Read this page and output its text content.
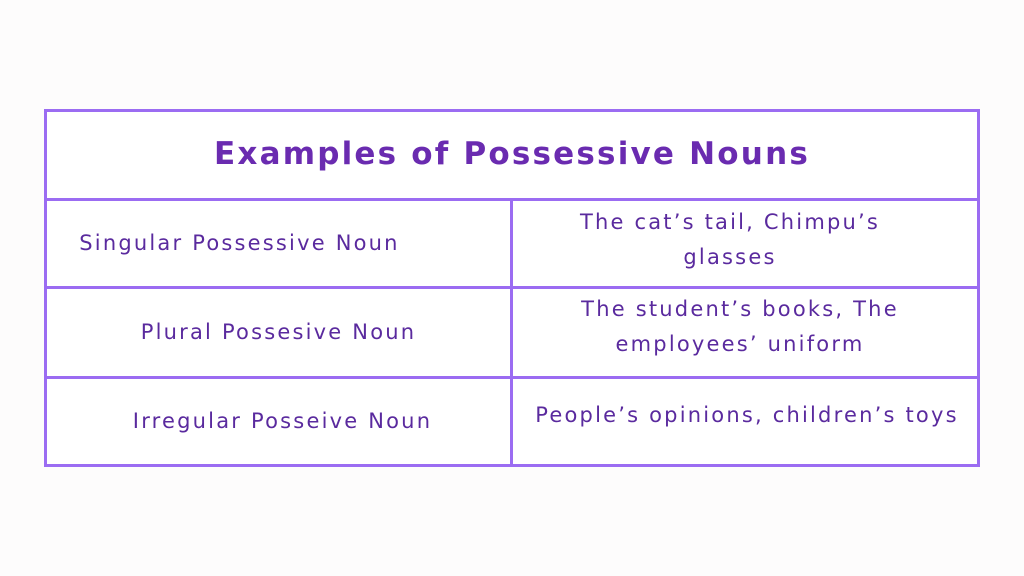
Examples of Possessive Nouns
Singular Possessive Noun
The cat’s tail, Chimpu’s glasses
Plural Possesive Noun
The student’s books, The employees’ uniform
Irregular Posseive Noun	People’s opinions, children’s toys
